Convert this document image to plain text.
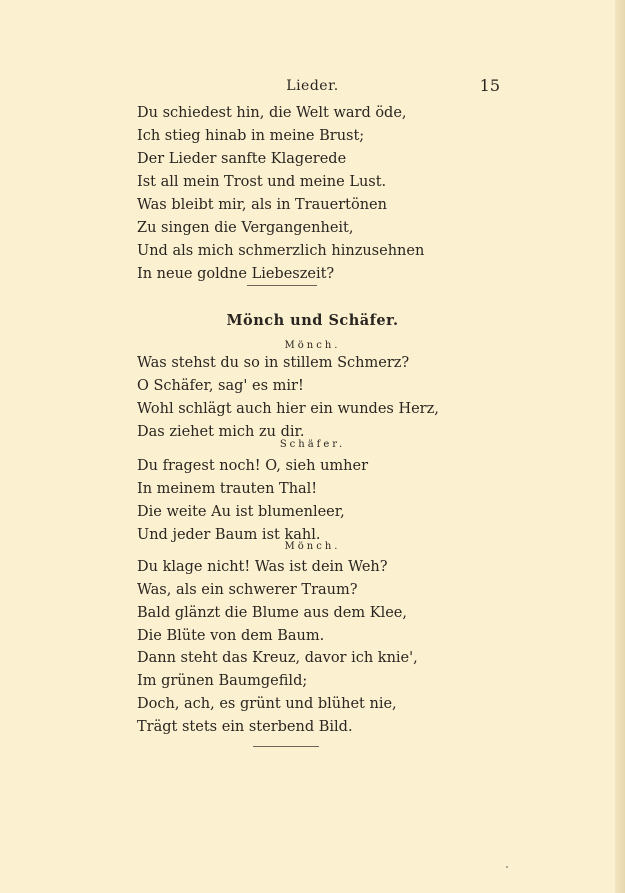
Lieder.	15
Du schiedest hin, die Welt ward öde,
Ich stieg hinab in meine Brust;
Der Lieder sanfte Klagerede
Ist all mein Trost und meine Lust.
Was bleibt mir, als in Trauertönen
Zu singen die Vergangenheit,
Und als mich schmerzlich hinzusehnen
In neue goldne Liebeszeit?
Mönch und Schäfer.
Mönch.
Was stehst du so in stillem Schmerz?
O Schäfer, sag' es mir!
Wohl schlägt auch hier ein wundes Herz,
Das ziehet mich zu dir.
Schäfer.
Du fragest noch! O, sieh umher
In meinem trauten Thal!
Die weite Au ist blumenleer,
Und jeder Baum ist kahl.
Mönch.
Du klage nicht! Was ist dein Weh?
Was, als ein schwerer Traum?
Bald glänzt die Blume aus dem Klee,
Die Blüte von dem Baum.
Dann steht das Kreuz, davor ich knie',
Im grünen Baumgefild;
Doch, ach, es grünt und blühet nie,
Trägt stets ein sterbend Bild.
